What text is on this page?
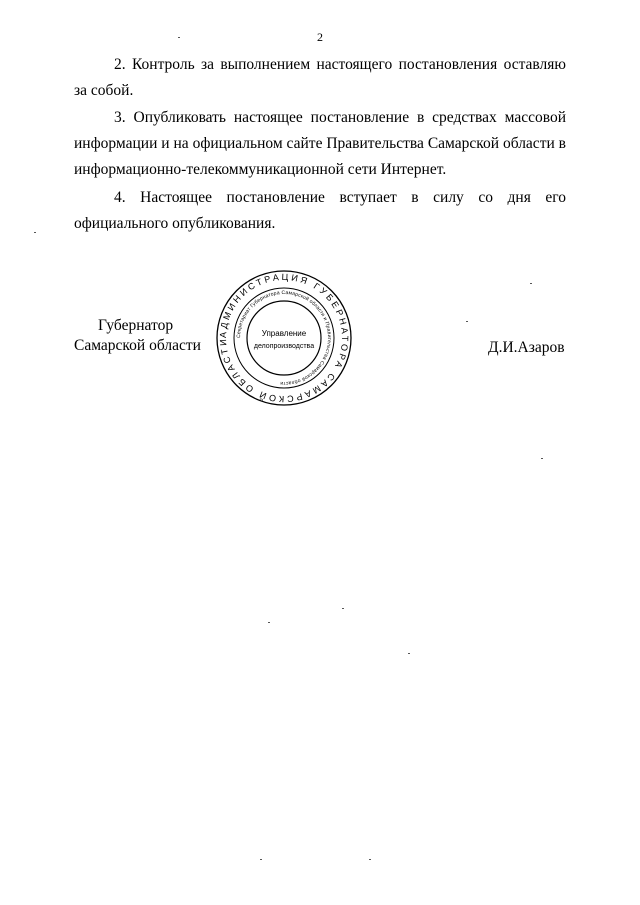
2
2. Контроль за выполнением настоящего постановления оставляю за собой.
3. Опубликовать настоящее постановление в средствах массовой информации и на официальном сайте Правительства Самарской области в информационно-телекоммуникационной сети Интернет.
4. Настоящее постановление вступает в силу со дня его официального опубликования.
Губернатор
Самарской области	Д.И.Азаров
АДМИНИСТРАЦИЯ ГУБЕРНАТОРА САМАРСКОЙ ОБЛАСТИ
Секретариат Губернатора Самарской области и Правительства Самарской области
Управление
делопроизводства
